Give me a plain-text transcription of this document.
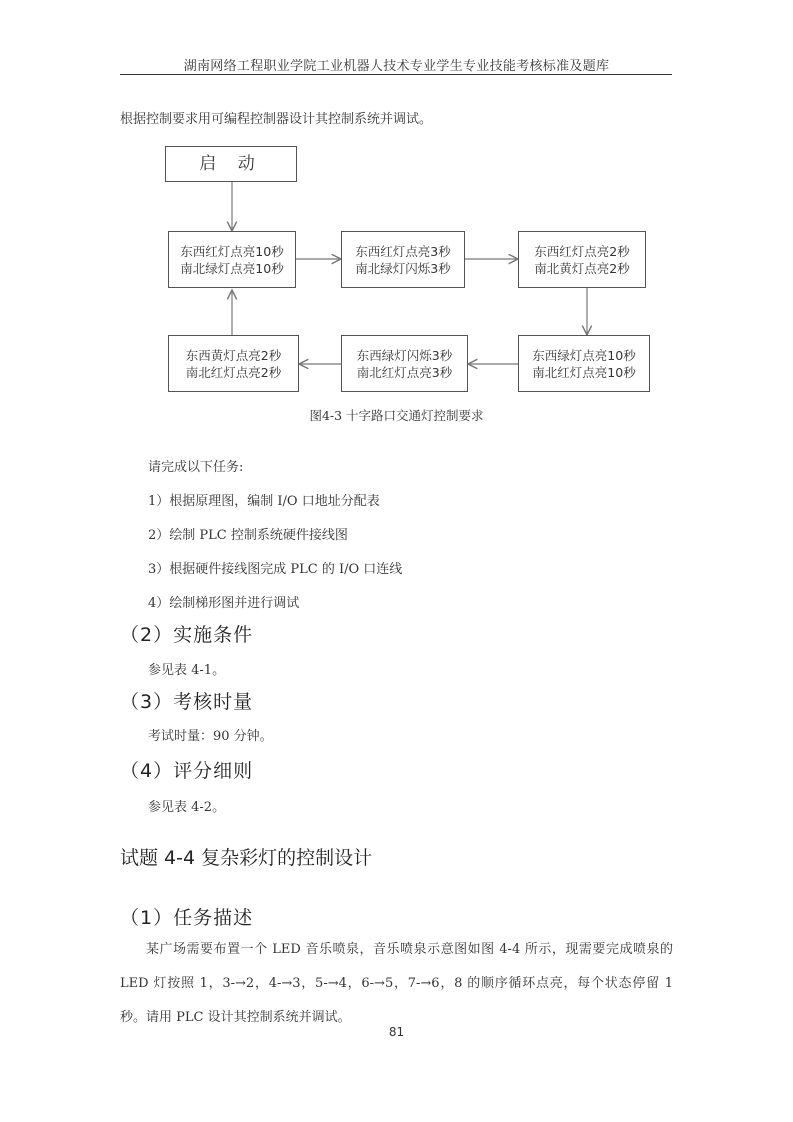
湖南网络工程职业学院工业机器人技术专业学生专业技能考核标准及题库
根据控制要求用可编程控制器设计其控制系统并调试。
启 动
东西红灯点亮10秒
南北绿灯点亮10秒
东西红灯点亮3秒
南北绿灯闪烁3秒
东西红灯点亮2秒
南北黄灯点亮2秒
东西绿灯点亮10秒
南北红灯点亮10秒
东西绿灯闪烁3秒
南北红灯点亮3秒
东西黄灯点亮2秒
南北红灯点亮2秒
图4-3 十字路口交通灯控制要求
请完成以下任务:
1）根据原理图，编制 I/O 口地址分配表
2）绘制 PLC 控制系统硬件接线图
3）根据硬件接线图完成 PLC 的 I/O 口连线
4）绘制梯形图并进行调试
（2）实施条件
参见表 4-1。
（3）考核时量
考试时量：90 分钟。
（4）评分细则
参见表 4-2。
试题 4-4 复杂彩灯的控制设计
（1）任务描述
某广场需要布置一个 LED 音乐喷泉，音乐喷泉示意图如图 4-4 所示，现需要完成喷泉的 LED 灯按照 1，3-→2，4-→3，5-→4，6-→5，7-→6，8 的顺序循环点亮，每个状态停留 1 秒。请用 PLC 设计其控制系统并调试。
81
